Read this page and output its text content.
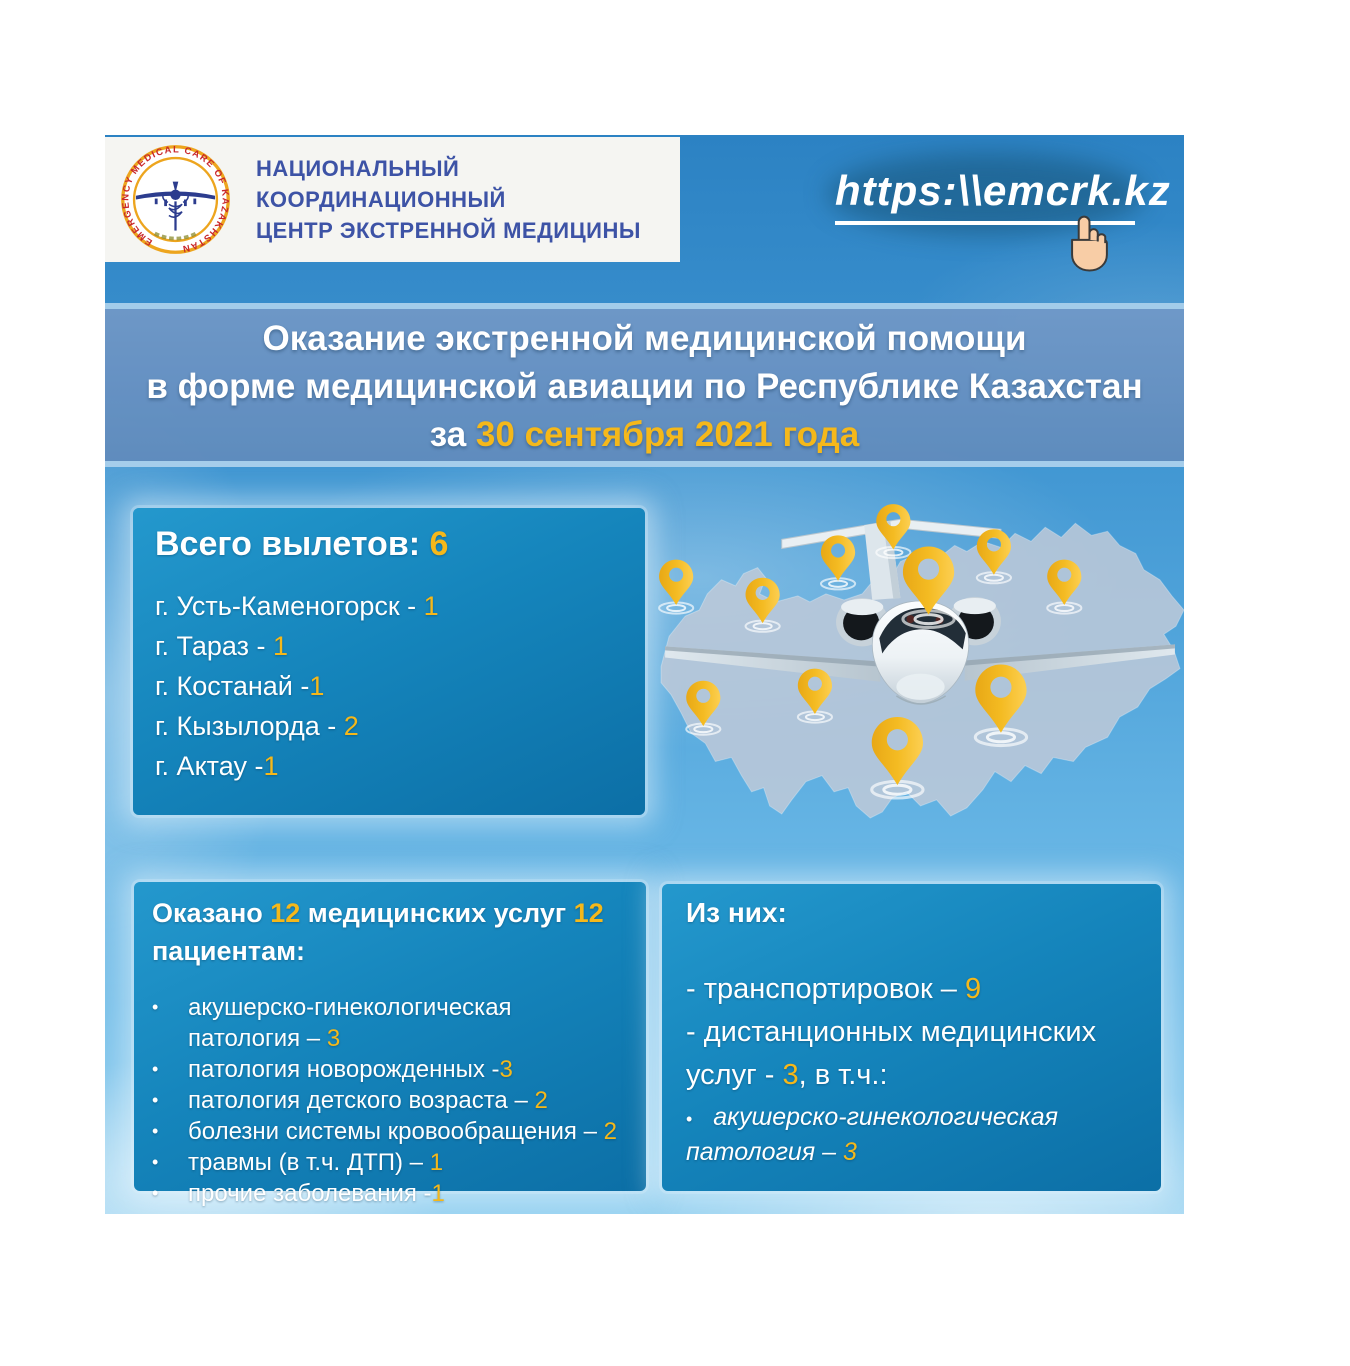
EMERGENCY MEDICAL CARE OF KAZAKHSTAN
НАЦИОНАЛЬНЫЙ КООРДИНАЦИОННЫЙ
ЦЕНТР ЭКСТРЕННОЙ МЕДИЦИНЫ
https:\\emcrk.kz
Оказание экстренной медицинской помощи
в форме медицинской авиации по Республике Казахстан
за 30 сентября 2021 года
Всего вылетов: 6
г. Усть-Каменогорск - 1
г. Тараз - 1
г. Костанай -1
г. Кызылорда - 2
г. Актау -1
Оказано 12 медицинских услуг 12
пациентам:
•	акушерско-гинекологическая патология – 3
•	патология новорожденных -3
•	патология детского возраста – 2
•	болезни системы кровообращения – 2
•	травмы (в т.ч. ДТП) – 1
•	прочие заболевания -1
Из них:
- транспортировок – 9
- дистанционных медицинских
услуг - 3, в т.ч.:
• акушерско-гинекологическая
патология – 3
